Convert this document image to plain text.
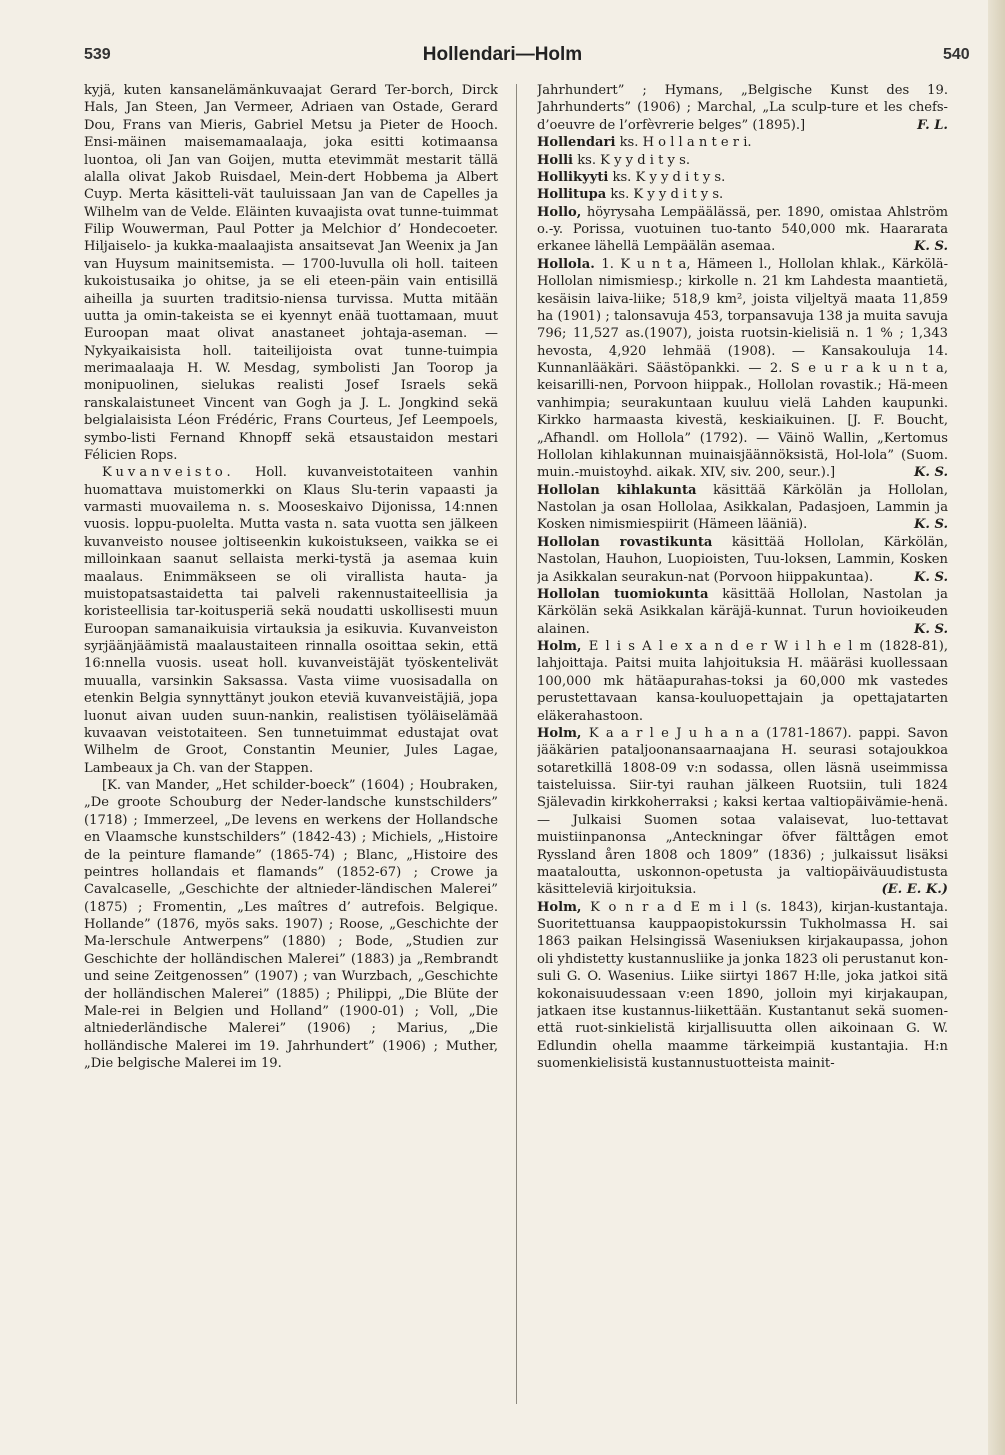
539	Hollendari—Holm	540

kyjä, kuten kansanelämänkuvaajat Gerard Ter-borch, Dirck Hals, Jan Steen, Jan Vermeer, Adriaen van Ostade, Gerard Dou, Frans van Mieris, Gabriel Metsu ja Pieter de Hooch. Ensi-mäinen maisemamaalaaja, joka esitti kotimaansa luontoa, oli Jan van Goijen, mutta etevimmät mestarit tällä alalla olivat Jakob Ruisdael, Mein-dert Hobbema ja Albert Cuyp. Merta käsitteli-vät tauluissaan Jan van de Capelles ja Wilhelm van de Velde. Eläinten kuvaajista ovat tunne-tuimmat Filip Wouwerman, Paul Potter ja Melchior d’ Hondecoeter. Hiljaiselo- ja kukka-maalaajista ansaitsevat Jan Weenix ja Jan van Huysum mainitsemista. — 1700-luvulla oli holl. taiteen kukoistusaika jo ohitse, ja se eli eteen-päin vain entisillä aiheilla ja suurten traditsio-niensa turvissa. Mutta mitään uutta ja omin-takeista se ei kyennyt enää tuottamaan, muut Euroopan maat olivat anastaneet johtaja-aseman. — Nykyaikaisista holl. taiteilijoista ovat tunne-tuimpia merimaalaaja H. W. Mesdag, symbolisti Jan Toorop ja monipuolinen, sielukas realisti Josef Israels sekä ranskalaistuneet Vincent van Gogh ja J. L. Jongkind sekä belgialaisista Léon Frédéric, Frans Courteus, Jef Leempoels, symbo-listi Fernand Khnopff sekä etsaustaidon mestari Félicien Rops.

Kuvanveisto. Holl. kuvanveistotaiteen vanhin huomattava muistomerkki on Klaus Slu-terin vapaasti ja varmasti muovailema n. s. Mooseskaivo Dijonissa, 14:nnen vuosis. loppu-puolelta. Mutta vasta n. sata vuotta sen jälkeen kuvanveisto nousee joltiseenkin kukoistukseen, vaikka se ei milloinkaan saanut sellaista merki-tystä ja asemaa kuin maalaus. Enimmäkseen se oli virallista hauta- ja muistopatsastaidetta tai palveli rakennustaiteellisia ja koristeellisia tar-koitusperiä sekä noudatti uskollisesti muun Euroopan samanaikuisia virtauksia ja esikuvia. Kuvanveiston syrjäänjäämistä maalaustaiteen rinnalla osoittaa sekin, että 16:nnella vuosis. useat holl. kuvanveistäjät työskentelivät muualla, varsinkin Saksassa. Vasta viime vuosisadalla on etenkin Belgia synnyttänyt joukon eteviä kuvanveistäjiä, jopa luonut aivan uuden suun-nankin, realistisen työläiselämää kuvaavan veistotaiteen. Sen tunnetuimmat edustajat ovat Wilhelm de Groot, Constantin Meunier, Jules Lagae, Lambeaux ja Ch. van der Stappen.

[K. van Mander, „Het schilder-boeck” (1604) ; Houbraken, „De groote Schouburg der Neder-landsche kunstschilders” (1718) ; Immerzeel, „De levens en werkens der Hollandsche en Vlaamsche kunstschilders” (1842-43) ; Michiels, „Histoire de la peinture flamande” (1865-74) ; Blanc, „Histoire des peintres hollandais et flamands” (1852-67) ; Crowe ja Cavalcaselle, „Geschichte der altnieder-ländischen Malerei” (1875) ; Fromentin, „Les maîtres d’ autrefois. Belgique. Hollande” (1876, myös saks. 1907) ; Roose, „Geschichte der Ma-lerschule Antwerpens” (1880) ; Bode, „Studien zur Geschichte der holländischen Malerei” (1883) ja „Rembrandt und seine Zeitgenossen” (1907) ; van Wurzbach, „Geschichte der holländischen Malerei” (1885) ; Philippi, „Die Blüte der Male-rei in Belgien und Holland” (1900-01) ; Voll, „Die altniederländische Malerei” (1906) ; Marius, „Die holländische Malerei im 19. Jahrhundert” (1906) ; Muther, „Die belgische Malerei im 19.

Jahrhundert” ; Hymans, „Belgische Kunst des 19. Jahrhunderts” (1906) ; Marchal, „La sculp-ture et les chefs-d’oeuvre de l’orfèvrerie belges” (1895).]	F. L.

Hollendari ks. H o l l a n t e r i.

Holli ks. K y y d i t y s.

Hollikyyti ks. K y y d i t y s.

Hollitupa ks. K y y d i t y s.

Hollo, höyrysaha Lempäälässä, per. 1890, omistaa Ahlström o.-y. Porissa, vuotuinen tuo-tanto 540,000 mk. Haararata erkanee lähellä Lempäälän asemaa.	K. S.

Hollola. 1. K u n t a, Hämeen l., Hollolan khlak., Kärkölä-Hollolan nimismiesp.; kirkolle n. 21 km Lahdesta maantietä, kesäisin laiva-liike; 518,9 km², joista viljeltyä maata 11,859 ha (1901) ; talonsavuja 453, torpansavuja 138 ja muita savuja 796; 11,527 as.(1907), joista ruotsin-kielisiä n. 1 % ; 1,343 hevosta, 4,920 lehmää (1908). — Kansakouluja 14. Kunnanlääkäri. Säästöpankki. — 2. S e u r a k u n t a, keisarilli-nen, Porvoon hiippak., Hollolan rovastik.; Hä-meen vanhimpia; seurakuntaan kuuluu vielä Lahden kaupunki. Kirkko harmaasta kivestä, keskiaikuinen. [J. F. Boucht, „Afhandl. om Hollola” (1792). — Väinö Wallin, „Kertomus Hollolan kihlakunnan muinaisjäännöksistä, Hol-lola” (Suom. muin.-muistoyhd. aikak. XIV, siv. 200, seur.).]	K. S.

Hollolan kihlakunta käsittää Kärkölän ja Hollolan, Nastolan ja osan Hollolaa, Asikkalan, Padasjoen, Lammin ja Kosken nimismiespiirit (Hämeen lääniä).	K. S.

Hollolan rovastikunta käsittää Hollolan, Kärkölän, Nastolan, Hauhon, Luopioisten, Tuu-loksen, Lammin, Kosken ja Asikkalan seurakun-nat (Porvoon hiippakuntaa).	K. S.

Hollolan tuomiokunta käsittää Hollolan, Nastolan ja Kärkölän sekä Asikkalan käräjä-kunnat. Turun hovioikeuden alainen.	K. S.

Holm, E l i s A l e x a n d e r W i l h e l m (1828-81), lahjoittaja. Paitsi muita lahjoituksia H. määräsi kuollessaan 100,000 mk hätäapurahas-toksi ja 60,000 mk vastedes perustettavaan kansa-kouluopettajain ja opettajatarten eläkerahastoon.

Holm, K a a r l e J u h a n a (1781-1867). pappi. Savon jääkärien pataljoonansaarnaajana H. seurasi sotajoukkoa sotaretkillä 1808-09 v:n sodassa, ollen läsnä useimmissa taisteluissa. Siir-tyi rauhan jälkeen Ruotsiin, tuli 1824 Själevadin kirkkoherraksi ; kaksi kertaa valtiopäivämie-henä. — Julkaisi Suomen sotaa valaisevat, luo-tettavat muistiinpanonsa „Anteckningar öfver fälttågen emot Ryssland åren 1808 och 1809” (1836) ; julkaissut lisäksi maataloutta, uskonnon-opetusta ja valtiopäiväuudistusta käsitteleviä kirjoituksia.	(E. E. K.)

Holm, K o n r a d E m i l (s. 1843), kirjan-kustantaja. Suoritettuansa kauppaopistokurssin Tukholmassa H. sai 1863 paikan Helsingissä Waseniuksen kirjakaupassa, johon oli yhdistetty kustannusliike ja jonka 1823 oli perustanut kon-suli G. O. Wasenius. Liike siirtyi 1867 H:lle, joka jatkoi sitä kokonaisuudessaan v:een 1890, jolloin myi kirjakaupan, jatkaen itse kustannus-liikettään. Kustantanut sekä suomen- että ruot-sinkielistä kirjallisuutta ollen aikoinaan G. W. Edlundin ohella maamme tärkeimpiä kustantajia. H:n suomenkielisistä kustannustuotteista mainit-
